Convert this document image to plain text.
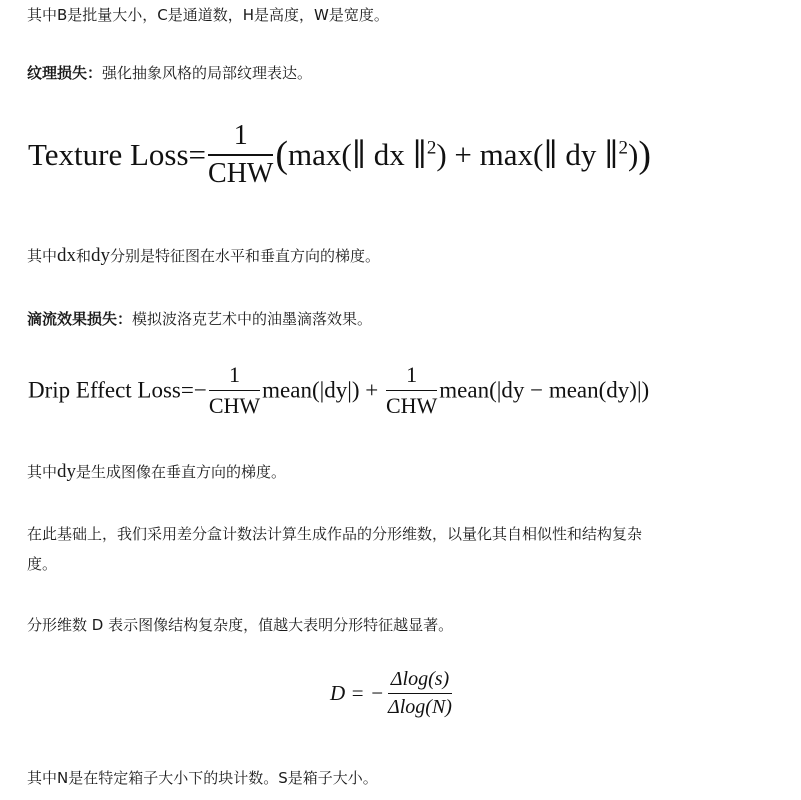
其中B是批量大小，C是通道数，H是高度，W是宽度。
纹理损失：强化抽象风格的局部纹理表达。
Texture Loss= $\frac{1}{\text{CHW}}$ (max(∥ dx ∥$^2$) + max(∥ dy ∥$^2$))
其中dx和dy分别是特征图在水平和垂直方向的梯度。
滴流效果损失：模拟波洛克艺术中的油墨滴落效果。
Drip Effect Loss=− $\frac{1}{\text{CHW}}$ mean(|dy|) + $\frac{1}{\text{CHW}}$ mean(|dy − mean(dy)|)
其中dy是生成图像在垂直方向的梯度。
在此基础上，我们采用差分盒计数法计算生成作品的分形维数，以量化其自相似性和结构复杂
度。
分形维数 D 表示图像结构复杂度，值越大表明分形特征越显著。
D = − $\frac{\Delta\log(s)}{\Delta\log(N)}$
其中N是在特定箱子大小下的块计数。S是箱子大小。
